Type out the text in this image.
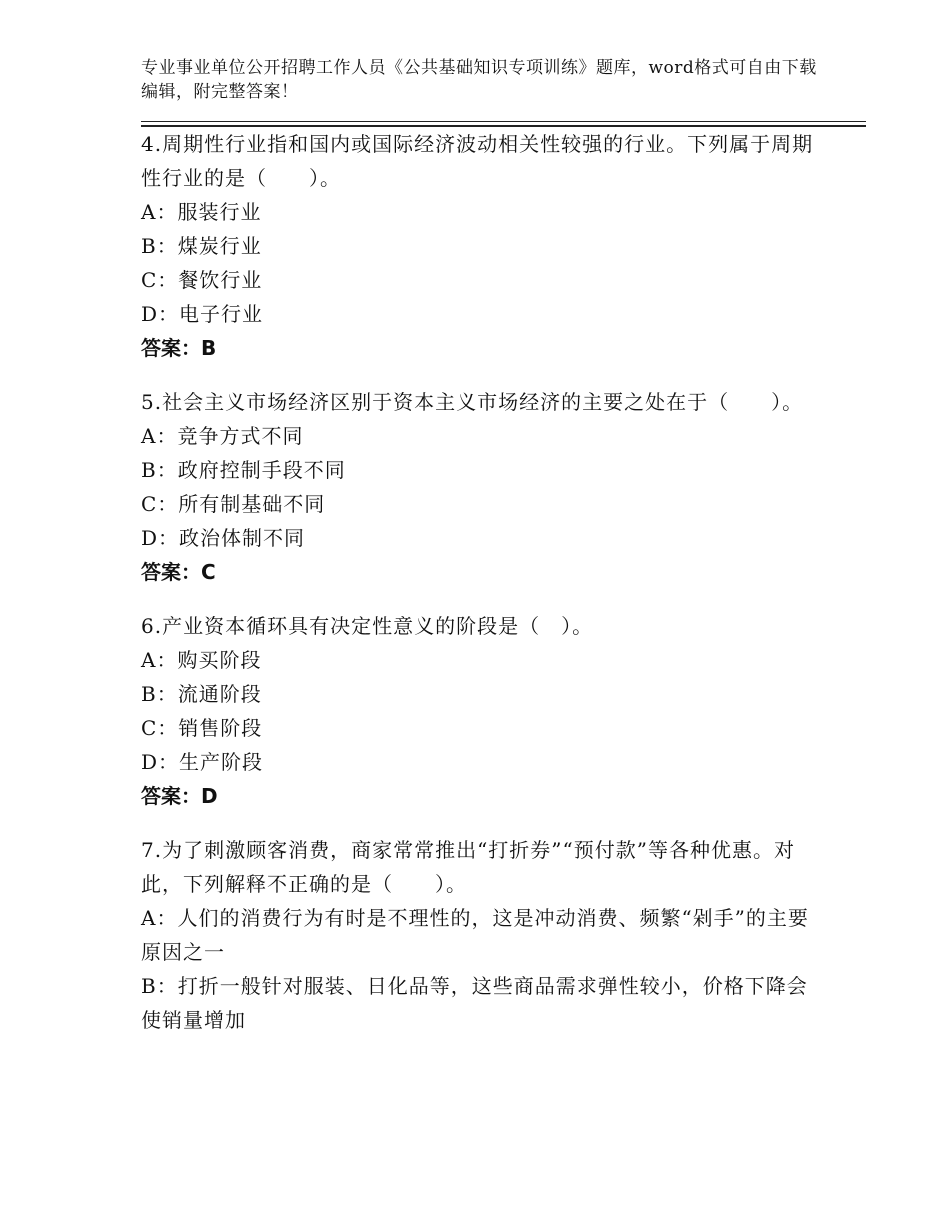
专业事业单位公开招聘工作人员《公共基础知识专项训练》题库，word格式可自由下载编辑，附完整答案！

4.周期性行业指和国内或国际经济波动相关性较强的行业。下列属于周期性行业的是（　　）。

A：服装行业

B：煤炭行业

C：餐饮行业

D：电子行业

答案：B

5.社会主义市场经济区别于资本主义市场经济的主要之处在于（　　）。

A：竞争方式不同

B：政府控制手段不同

C：所有制基础不同

D：政治体制不同

答案：C

6.产业资本循环具有决定性意义的阶段是（　）。

A：购买阶段

B：流通阶段

C：销售阶段

D：生产阶段

答案：D

7.为了刺激顾客消费，商家常常推出“打折券”“预付款”等各种优惠。对此，下列解释不正确的是（　　）。

A：人们的消费行为有时是不理性的，这是冲动消费、频繁“剁手”的主要原因之一

B：打折一般针对服装、日化品等，这些商品需求弹性较小，价格下降会使销量增加
